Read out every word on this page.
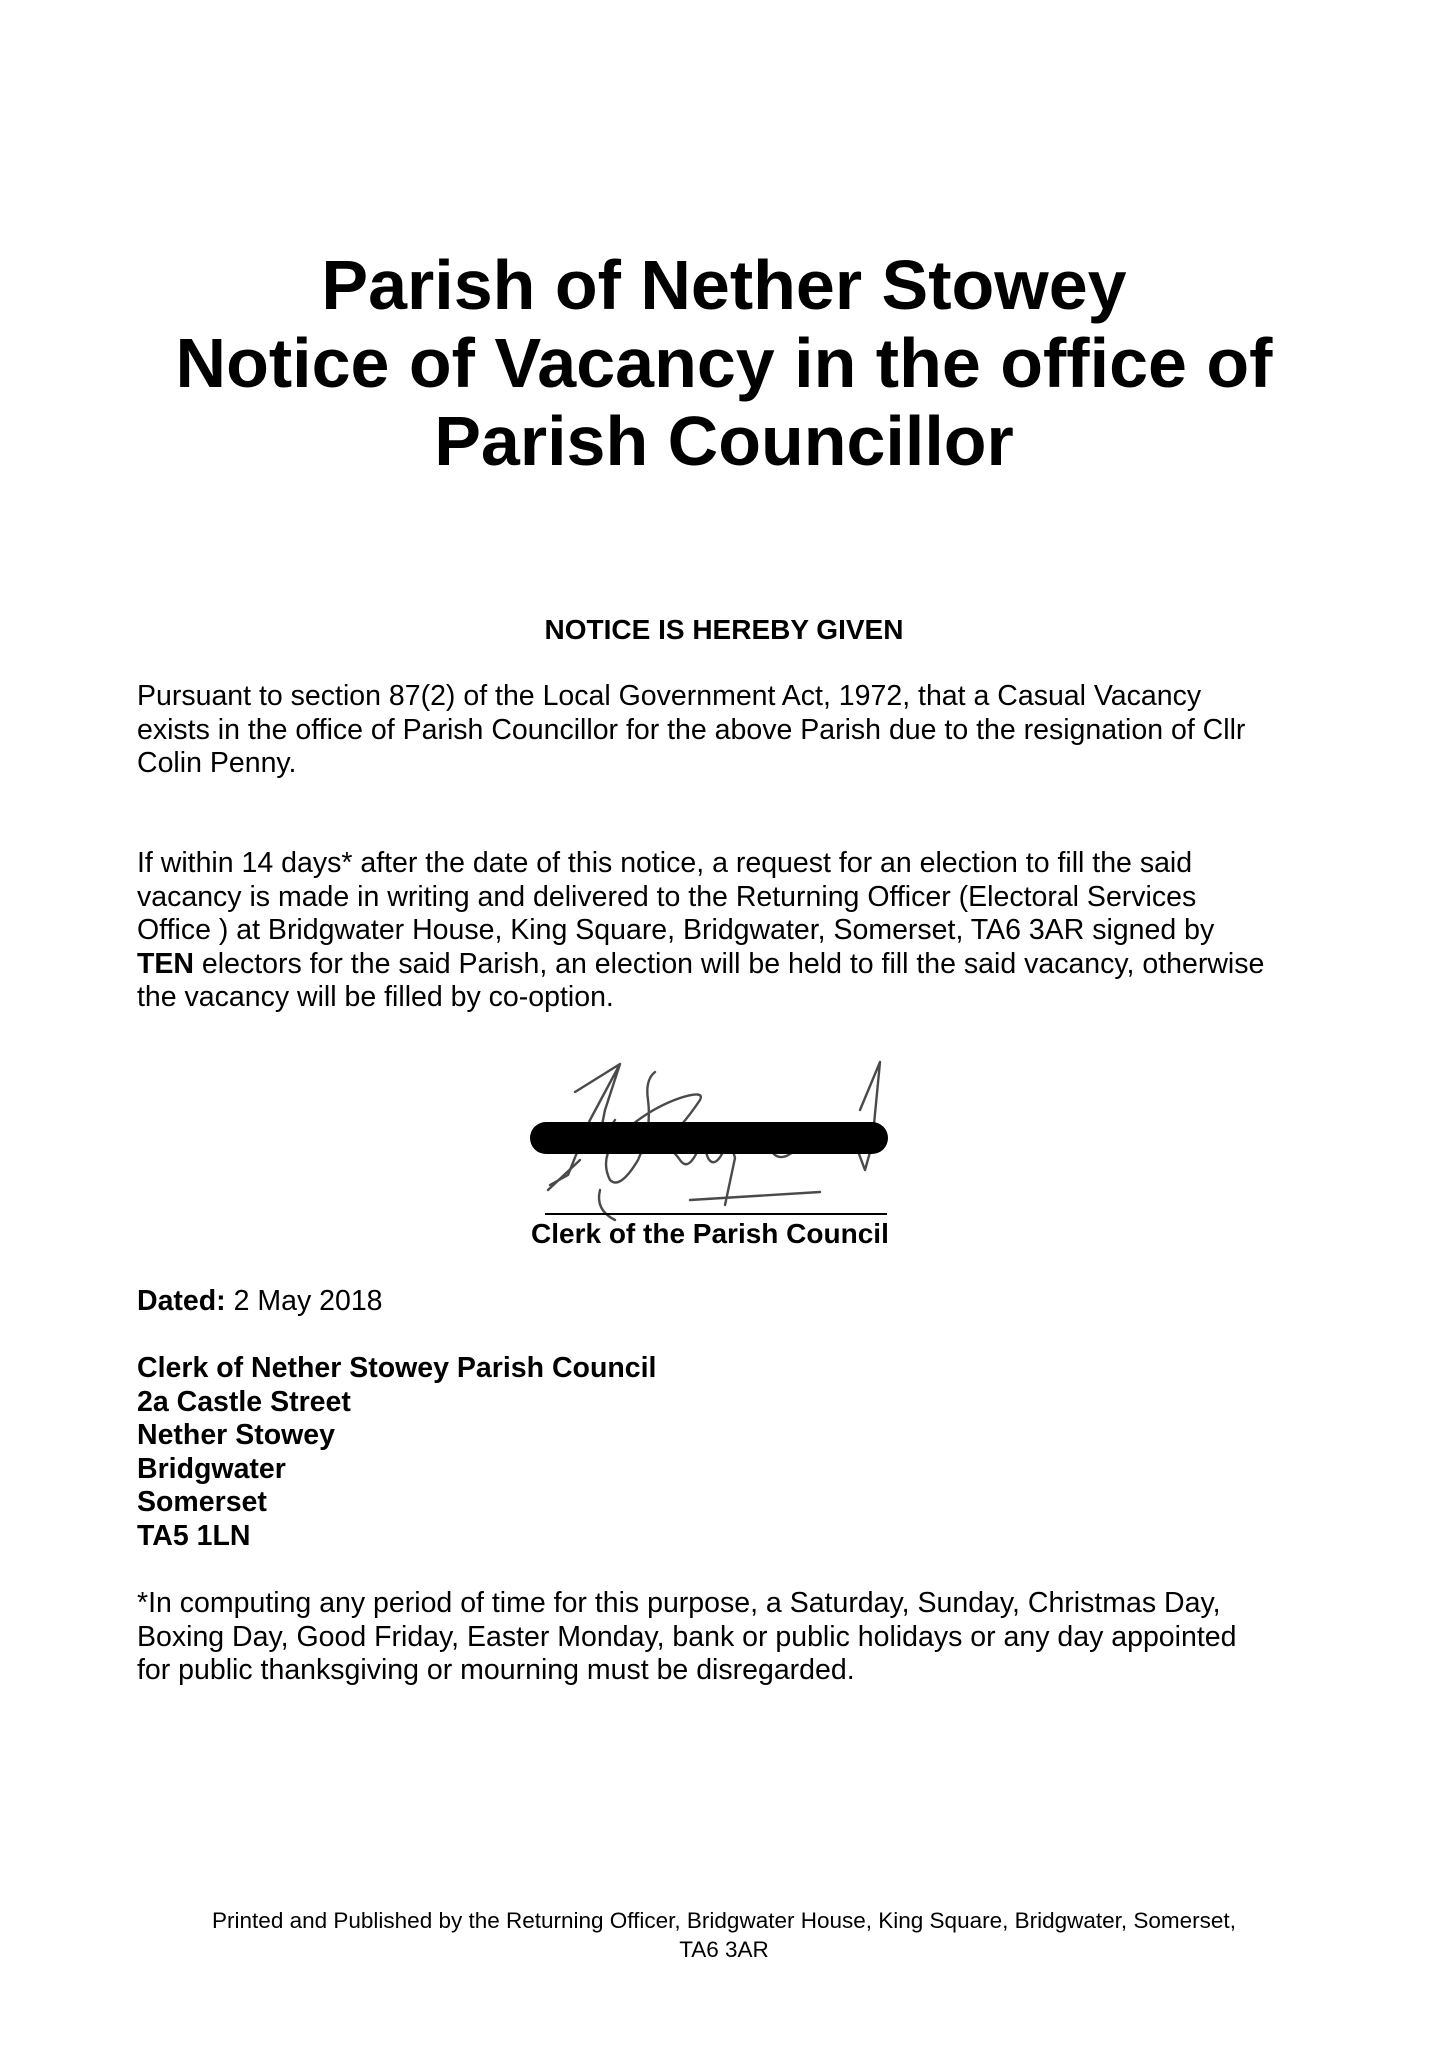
Parish of Nether Stowey
Notice of Vacancy in the office of
Parish Councillor
NOTICE IS HEREBY GIVEN
Pursuant to section 87(2) of the Local Government Act, 1972, that a Casual Vacancy
exists in the office of Parish Councillor for the above Parish due to the resignation of Cllr
Colin Penny.
If within 14 days* after the date of this notice, a request for an election to fill the said
vacancy is made in writing and delivered to the Returning Officer (Electoral Services
Office ) at Bridgwater House, King Square, Bridgwater, Somerset, TA6 3AR signed by
TEN electors for the said Parish, an election will be held to fill the said vacancy, otherwise
the vacancy will be filled by co-option.
Clerk of the Parish Council
Dated: 2 May 2018
Clerk of Nether Stowey Parish Council
2a Castle Street
Nether Stowey
Bridgwater
Somerset
TA5 1LN
*In computing any period of time for this purpose, a Saturday, Sunday, Christmas Day,
Boxing Day, Good Friday, Easter Monday, bank or public holidays or any day appointed
for public thanksgiving or mourning must be disregarded.
Printed and Published by the Returning Officer, Bridgwater House, King Square, Bridgwater, Somerset,
TA6 3AR
